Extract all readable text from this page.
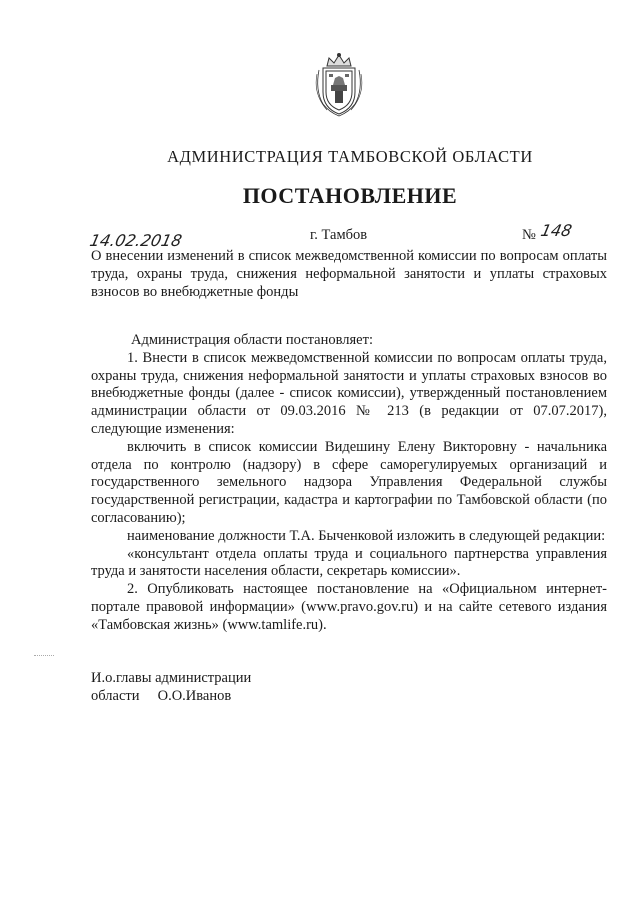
АДМИНИСТРАЦИЯ ТАМБОВСКОЙ ОБЛАСТИ
ПОСТАНОВЛЕНИЕ
14.02.2018	г. Тамбов	№ 148

О внесении изменений в список межведомственной комиссии по вопросам оплаты труда, охраны труда, снижения неформальной занятости и уплаты страховых взносов во внебюджетные фонды

Администрация области постановляет:

1. Внести в список межведомственной комиссии по вопросам оплаты труда, охраны труда, снижения неформальной занятости и уплаты страховых взносов во внебюджетные фонды (далее - список комиссии), утвержденный постановлением администрации области от 09.03.2016 № 213 (в редакции от 07.07.2017), следующие изменения:

включить в список комиссии Видешину Елену Викторовну - начальника отдела по контролю (надзору) в сфере саморегулируемых организаций и государственного земельного надзора Управления Федеральной службы государственной регистрации, кадастра и картографии по Тамбовской области (по согласованию);

наименование должности Т.А. Быченковой изложить в следующей редакции:

«консультант отдела оплаты труда и социального партнерства управления труда и занятости населения области, секретарь комиссии».

2. Опубликовать настоящее постановление на «Официальном интернет-портале правовой информации» (www.pravo.gov.ru) и на сайте сетевого издания «Тамбовская жизнь» (www.tamlife.ru).

И.о.главы администрации
области     О.О.Иванов
